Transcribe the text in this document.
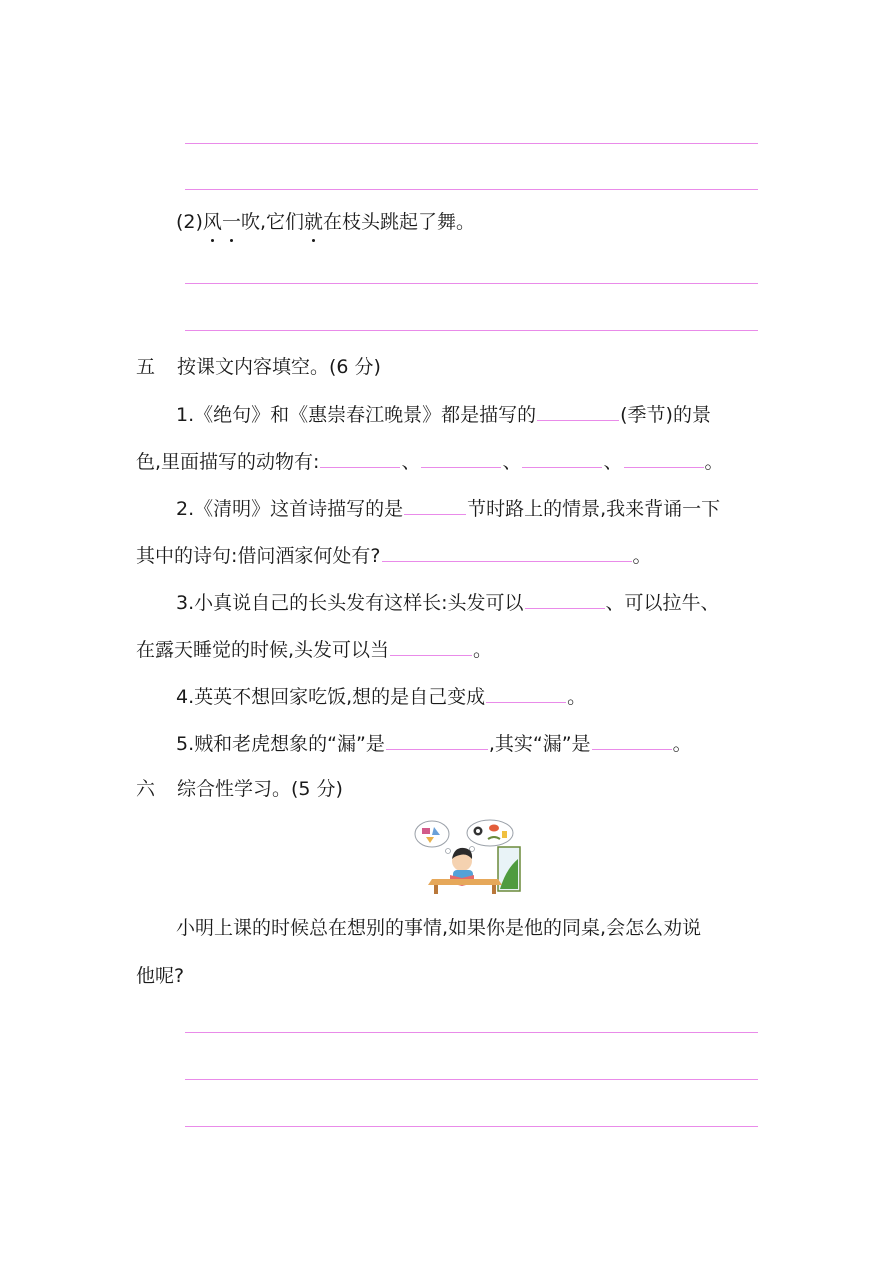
(2)风一吹,它们就在枝头跳起了舞。
五 按课文内容填空。(6 分)
1.《绝句》和《惠崇春江晚景》都是描写的	(季节)的景
色,里面描写的动物有:	、	、	、	。
2.《清明》这首诗描写的是	节时路上的情景,我来背诵一下
其中的诗句:借问酒家何处有?	。
3.小真说自己的长头发有这样长:头发可以	、可以拉牛、
在露天睡觉的时候,头发可以当	。
4.英英不想回家吃饭,想的是自己变成	。
5.贼和老虎想象的“漏”是	,其实“漏”是	。
六 综合性学习。(5 分)
小明上课的时候总在想别的事情,如果你是他的同桌,会怎么劝说
他呢?
